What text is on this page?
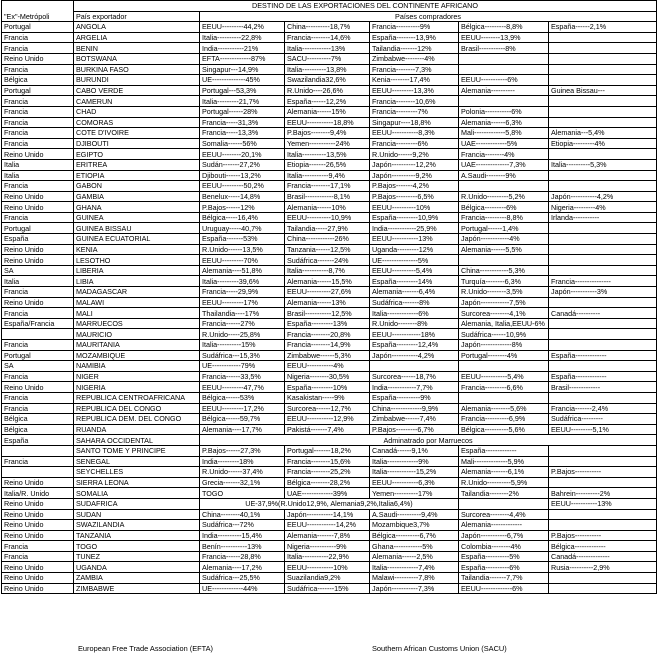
	DESTINO DE LAS EXPORTACIONES DEL CONTINENTE AFRICANO					
"Ex"-Metrópoli	País exportador	Países compradores				
Portugal	ANGOLA	EEUU---------44,2%	China----------18,7%	Francia----------9%	Bélgica---------8,8%	España------2,1%
Francia	ARGELIA	Italia----------22,8%	Francia--------14,6%	España--------13,9%	EEUU--------13,9%	
Francia	BENIN	India-----------21%	Italia------------13%	Tailandia-------12%	Brasil-----------8%	
Reino Unido	BOTSWANA	EFTA-------------87%	SACU----------7%	Zimbabwe--------4%		
Francia	BURKINA FASO	Singapur---14,9%	Italia----------13,8%	Francia--------7,3%		
Bélgica	BURUNDI	UE--------------45%	Swazilandia32,6%	Kenia--------17,4%	EEUU-----------6%	
Portugal	CABO VERDE	Portugal---53,3%	R.Unido----26,6%	EEUU---------13,3%	Alemania----------	Guinea Bissau---
Francia	CAMERUN	Italia---------21,7%	España------12,2%	Francia--------10,6%		
Francia	CHAD	Portugal------28%	Alemania------15%	Francia---------7%	Polonia-----------6%	
Francia	COMORAS	Francia-----31,3%	EEUU-----------18,8%	Singapur----18,8%	Alemania------6,3%	
Francia	COTE D'IVOIRE	Francia-----13,3%	P.Bajos--------9,4%	EEUU-----------8,3%	Mali-------------5,8%	Alemania---5,4%
Francia	DJIBOUTI	Somalia------56%	Yemen-----------24%	Francia---------6%	UAE-------------5%	Etiopia---------4%
Reino Unido	EGIPTO	EEUU--------20,1%	Italia----------13,5%	R.Unido------9,2%	Francia--------4%	
Italia	ERITREA	Sudán-------27,2%	Etiopia-------26,5%	Japón----------12,2%	UAE--------------7,3%	Italia----------5,3%
Italia	ETIOPIA	Djibouti------13,2%	Italia-----------9,4%	Japón----------9,2%	A.Saudi--------9%	
Francia	GABON	EEUU---------50,2%	Francia--------17,1%	P.Bajos-------4,2%		
Reino Unido	GAMBIA	Benelux-----14,8%	Brasil------------8,1%	P.Bajos---------6,5%	R.Unido---------5,2%	Japón-----------4,2%
Reino Unido	GHANA	P.Bajos------12%	Alemania------10%	EEUU----------10%	Bélgica---------6%	Nigeria---------4%
Francia	GUINEA	Bélgica-----16,4%	EEUU----------10,9%	España---------10,9%	Francia---------8,8%	Irlanda-----------
Portugal	GUINEA BISSAU	Uruguay-----40,7%	Tailandia-----27,9%	India------------25,9%	Portugal------1,4%	
España	GUINEA ECUATORIAL	España-------53%	China------------26%	EEUU-----------13%	Japón------------4%	
Reino Unido	KENIA	R.Unido------13,5%	Tanzania------12,5%	Uganda---------12%	Alemania------5,5%	
Reino Unido	LESOTHO	EEUU---------70%	Sudáfrica-------24%	UE---------------5%		
SA	LIBERIA	Alemania----51,8%	Italia-----------8,7%	EEUU----------5,4%	China------------5,3%	
Italia	LIBIA	Italia---------39,6%	Alemania------15,5%	España---------14%	Turquía--------6,3%	Francia---------------
Francia	MADAGASCAR	Francia-----29,9%	EEUU----------27,6%	Alemania-------6,4%	R.Unido--------3,5%	Japón-----------3%
Reino Unido	MALAWI	EEUU---------17%	Alemania------13%	Sudáfrica-------8%	Japón------------7,5%	
Francia	MALI	Thailandia----17%	Brasil-----------12,5%	Italia-------------6%	Surcorea--------4,1%	Canadá----------
España/Francia	MARRUECOS	Francia------27%	España---------13%	R.Unido--------8%	Alemania, Italia,EEUU-6%	
	MAURICIO	R.Unido-----25,8%	Francia--------20,8%	EEUU------------18%	Sudáfrica------10,9%	
Francia	MAURITANIA	Italia----------15%	Francia--------14,9%	España---------12,4%	Japón-------------8%	
Portugal	MOZAMBIQUE	Sudáfrica---15,3%	Zimbabwe------5,3%	Japón-----------4,2%	Portugal--------4%	España-------------
SA	NAMIBIA	UE------------79%	EEUU-----------4%			
Francia	NIGER	Francia------33,5%	Nigeria--------30,5%	Surcorea------18,7%	EEUU-----------5,4%	España-------------
Reino Unido	NIGERIA	EEUU---------47,7%	España---------10%	India------------7,7%	Francia---------6,6%	Brasil-------------
Francia	REPUBLICA CENTROAFRICANA	Bélgica------53%	Kasakistan-----9%	España----------9%		
Francia	REPUBLICA DEL CONGO	EEUU---------17,2%	Surcorea------12,7%	China-------------9,9%	Alemania--------5,6%	Francia-------2,4%
Bélgica	REPUBLICA DEM. DEL CONGO	Bélgica------59,7%	EEUU-----------12,9%	Zimbabwe------7,4%	Francia----------6,9%	Sudáfrica---------
Bélgica	RUANDA	Alemania----17,7%	Pakistá-------7,4%	P.Bajos---------6,7%	Bélgica----------5,6%	EEUU---------5,1%
España	SAHARA OCCIDENTAL	Adminatrado por Marruecos				
	SANTO TOME Y PRINCIPE	P.Bajos------27,3%	Portugal-------18,2%	Canadá------9,1%	España-------------	
Francia	SENEGAL	India---------18%	Francia--------15,6%	Italia-------------9%	Mali--------------5,9%	
	SEYCHELLES	R.Unido------37,4%	Francia--------25,2%	Italia------------15,2%	Alemania-------6,1%	P.Bajos-----------
Reino Unido	SIERRA LEONA	Grecia-------32,1%	Bélgica--------28,2%	EEUU-----------6,3%	R.Unido----------5,9%	
Italia/R. Unido	SOMALIA	TOGO	UAE-------------39%	Yemen----------17%	Tailandia--------2%	Bahrein----------2%
Reino Unido	SUDAFRICA	UE-37,9%(R.Unido12,9%, Alemania9,2%,Italia6,4%)				EEUU-----------13%
Reino Unido	SUDAN	China--------40,1%	Japón-----------14,1%	A.Saudi----------9,4%	Surcorea--------4,4%	
Reino Unido	SWAZILANDIA	Sudáfrica---72%	EEUU------------14,2%	Mozambique3,7%	Alemania-------------	
Reino Unido	TANZANIA	India----------15,4%	Alemania-------7,8%	Bélgica----------6,7%	Japón-----------6,7%	P.Bajos-----------
Francia	TOGO	Benín-----------13%	Nigeria-----------9%	Ghana------------5%	Colombia--------4%	Bélgica-------------
Francia	TUNEZ	Francia------28,8%	Italia-----------22,9%	Alemania------2,5%	España----------5%	Canadá--------------
Reino Unido	UGANDA	Alemania----17,2%	EEUU-----------10%	Italia-------------7,4%	España----------6%	Rusia----------2,9%
Reino Unido	ZAMBIA	Sudáfrica---25,5%	Suazilandia9,2%	Malawi----------7,8%	Tailandia-------7,7%	
Reino Unido	ZIMBABWE	UE-------------44%	Sudáfrica-------15%	Japón-----------7,3%	EEUU-------------6%	
European Free Trade Association (EFTA)	Southern African Customs Union (SACU)
